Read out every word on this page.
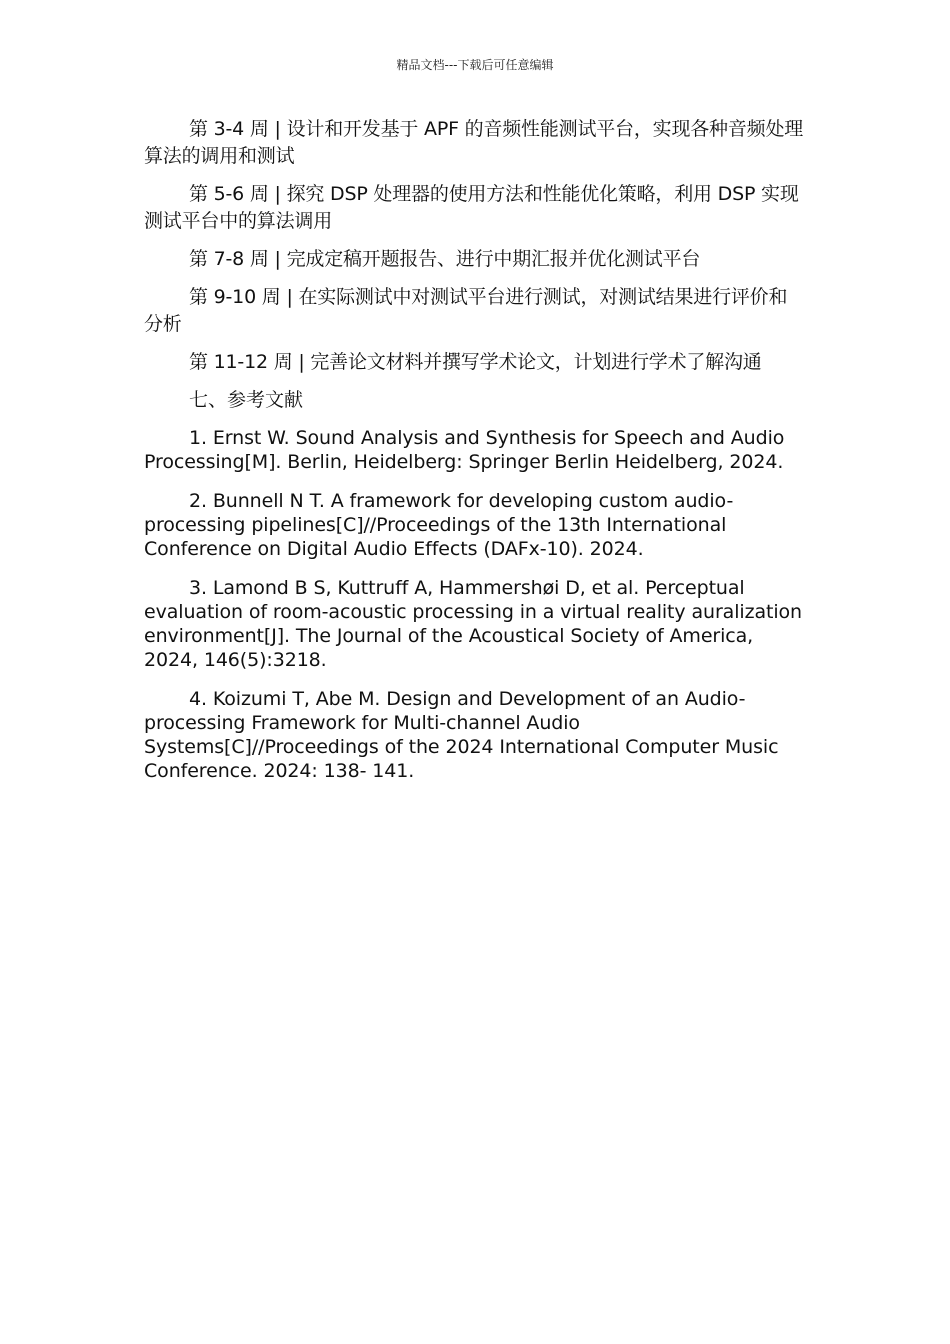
精品文档---下载后可任意编辑

第 3-4 周 | 设计和开发基于 APF 的音频性能测试平台，实现各种音频处理算法的调用和测试

第 5-6 周 | 探究 DSP 处理器的使用方法和性能优化策略，利用 DSP 实现测试平台中的算法调用

第 7-8 周 | 完成定稿开题报告、进行中期汇报并优化测试平台

第 9-10 周 | 在实际测试中对测试平台进行测试，对测试结果进行评价和分析

第 11-12 周 | 完善论文材料并撰写学术论文，计划进行学术了解沟通

七、参考文献

1. Ernst W. Sound Analysis and Synthesis for Speech and Audio Processing[M]. Berlin, Heidelberg: Springer Berlin Heidelberg, 2024.

2. Bunnell N T. A framework for developing custom audio-processing pipelines[C]//Proceedings of the 13th International Conference on Digital Audio Effects (DAFx-10). 2024.

3. Lamond B S, Kuttruff A, Hammershøi D, et al. Perceptual evaluation of room-acoustic processing in a virtual reality auralization environment[J]. The Journal of the Acoustical Society of America, 2024, 146(5):3218.

4. Koizumi T, Abe M. Design and Development of an Audio-processing Framework for Multi-channel Audio Systems[C]//Proceedings of the 2024 International Computer Music Conference. 2024: 138- 141.
